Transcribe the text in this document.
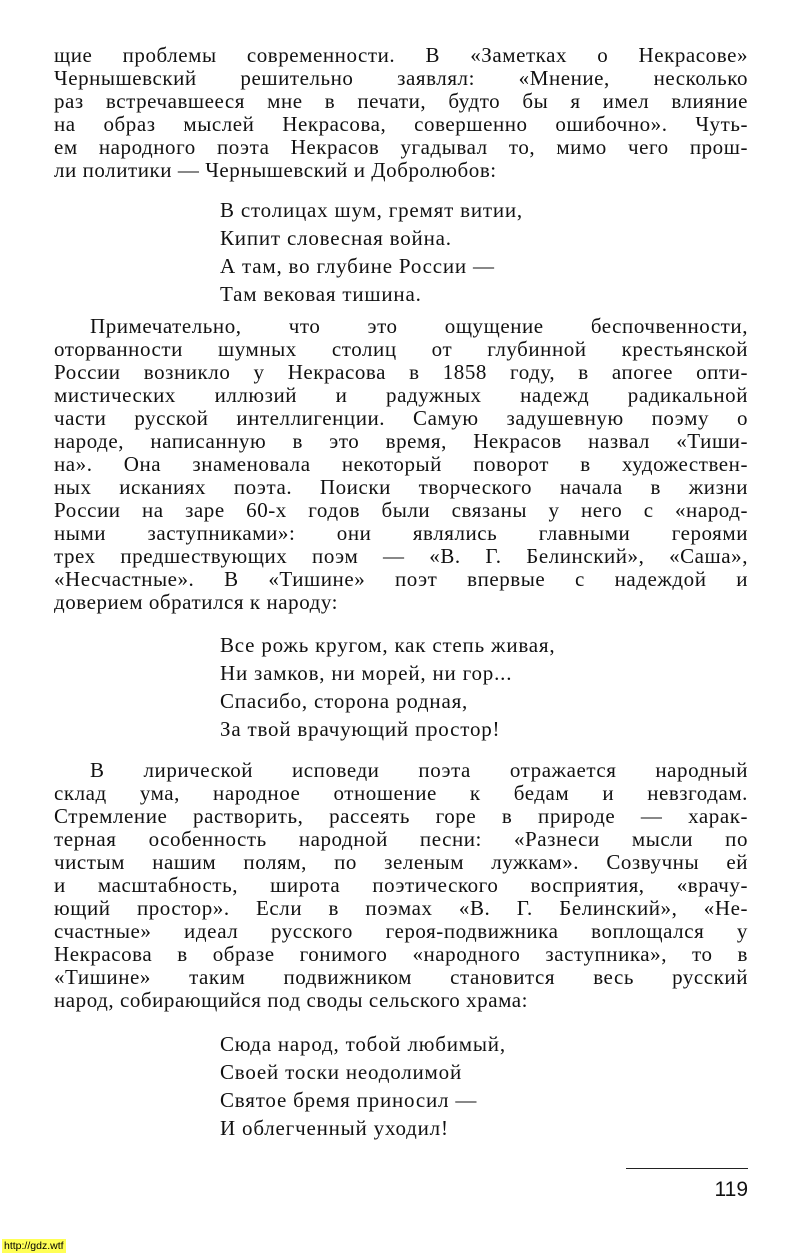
щие проблемы современности. В «Заметках о Некрасове»
Чернышевский решительно заявлял: «Мнение, несколько
раз встречавшееся мне в печати, будто бы я имел влияние
на образ мыслей Некрасова, совершенно ошибочно». Чуть-
ем народного поэта Некрасов угадывал то, мимо чего прош-
ли политики — Чернышевский и Добролюбов:
В столицах шум, гремят витии,
Кипит словесная война.
А там, во глубине России —
Там вековая тишина.
Примечательно, что это ощущение беспочвенности,
оторванности шумных столиц от глубинной крестьянской
России возникло у Некрасова в 1858 году, в апогее опти-
мистических иллюзий и радужных надежд радикальной
части русской интеллигенции. Самую задушевную поэму о
народе, написанную в это время, Некрасов назвал «Тиши-
на». Она знаменовала некоторый поворот в художествен-
ных исканиях поэта. Поиски творческого начала в жизни
России на заре 60-х годов были связаны у него с «народ-
ными заступниками»: они являлись главными героями
трех предшествующих поэм — «В. Г. Белинский», «Саша»,
«Несчастные». В «Тишине» поэт впервые с надеждой и
доверием обратился к народу:
Все рожь кругом, как степь живая,
Ни замков, ни морей, ни гор...
Спасибо, сторона родная,
За твой врачующий простор!
В лирической исповеди поэта отражается народный
склад ума, народное отношение к бедам и невзгодам.
Стремление растворить, рассеять горе в природе — харак-
терная особенность народной песни: «Разнеси мысли по
чистым нашим полям, по зеленым лужкам». Созвучны ей
и масштабность, широта поэтического восприятия, «врачу-
ющий простор». Если в поэмах «В. Г. Белинский», «Не-
счастные» идеал русского героя-подвижника воплощался у
Некрасова в образе гонимого «народного заступника», то в
«Тишине» таким подвижником становится весь русский
народ, собирающийся под своды сельского храма:
Сюда народ, тобой любимый,
Своей тоски неодолимой
Святое бремя приносил —
И облегченный уходил!
119
http://gdz.wtf
